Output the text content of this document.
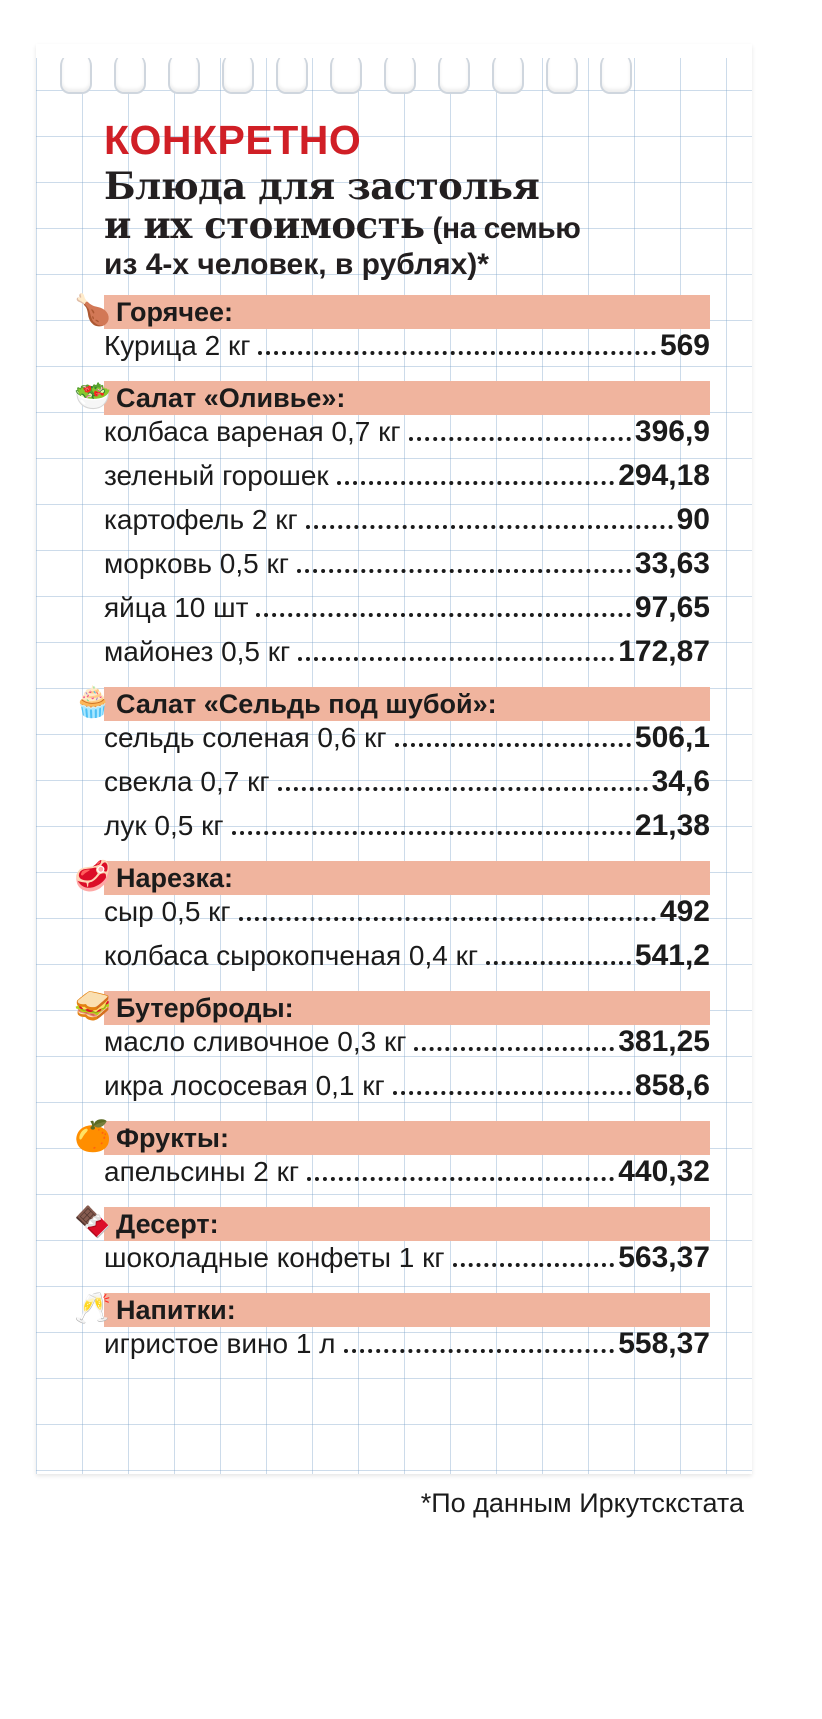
КОНКРЕТНО
Блюда для застолья
и их стоимость (на семью
из 4-х человек, в рублях)*
🍗 Горячее:
Курица 2 кг	569
🥗 Салат «Оливье»:
колбаса вареная 0,7 кг	396,9
зеленый горошек	294,18
картофель 2 кг	90
морковь 0,5 кг	33,63
яйца 10 шт	97,65
майонез 0,5 кг	172,87
🧁 Салат «Сельдь под шубой»:
сельдь соленая 0,6 кг	506,1
свекла 0,7 кг	34,6
лук 0,5 кг	21,38
🥩 Нарезка:
сыр 0,5 кг	492
колбаса сырокопченая 0,4 кг	541,2
🥪 Бутерброды:
масло сливочное 0,3 кг	381,25
икра лососевая 0,1 кг	858,6
🍊 Фрукты:
апельсины 2 кг	440,32
🍫 Десерт:
шоколадные конфеты 1 кг	563,37
🥂 Напитки:
игристое вино 1 л	558,37
*По данным Иркутскстата
